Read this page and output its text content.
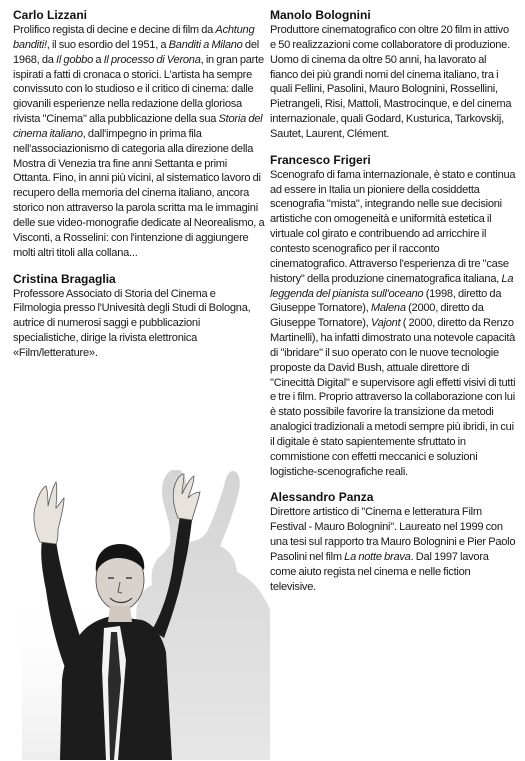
Carlo Lizzani

Prolifico regista di decine e decine di film da Achtung banditi!, il suo esordio del 1951, a Banditi a Milano del 1968, da Il gobbo a Il processo di Verona, in gran parte ispirati a fatti di cronaca o storici. L'artista ha sempre convissuto con lo studioso e il critico di cinema: dalle giovanili esperienze nella redazione della gloriosa rivista "Cinema" alla pubblicazione della sua Storia del cinema italiano, dall'impegno in prima fila nell'associazionismo di categoria alla direzione della Mostra di Venezia tra fine anni Settanta e primi Ottanta. Fino, in anni più vicini, al sistematico lavoro di recupero della memoria del cinema italiano, ancora storico non attraverso la parola scritta ma le immagini delle sue video-monografie dedicate al Neorealismo, a Visconti, a Rosselini: con l'intenzione di aggiungere molti altri titoli alla collana...

Cristina Bragaglia

Professore Associato di Storia del Cinema e Filmologia presso l'Univesità degli Studi di Bologna, autrice di numerosi saggi e pubblicazioni specialistiche, dirige la rivista elettronica «Film/letterature».

Manolo Bolognini

Produttore cinematografico con oltre 20 film in attivo e 50 realizzazioni come collaboratore di produzione. Uomo di cinema da oltre 50 anni, ha lavorato al fianco dei più grandi nomi del cinema italiano, tra i quali Fellini, Pasolini, Mauro Bolognini, Rossellini, Pietrangeli, Risi, Mattoli, Mastrocinque, e del cinema internazionale, quali Godard, Kusturica, Tarkovskij, Sautet, Laurent, Clément.

Francesco Frigeri

Scenografo di fama internazionale, è stato e continua ad essere in Italia un pioniere della cosiddetta scenografia "mista", integrando nelle sue decisioni artistiche con omogeneità e uniformità estetica il virtuale col girato e contribuendo ad arricchire il contesto scenografico per il racconto cinematografico. Attraverso l'esperienza di tre "case history" della produzione cinematografica italiana, La leggenda del pianista sull'oceano (1998, diretto da Giuseppe Tornatore), Malena (2000, diretto da Giuseppe Tornatore), Vajont ( 2000, diretto da Renzo Martinelli), ha infatti dimostrato una notevole capacità di "ibridare" il suo operato con le nuove tecnologie proposte da David Bush, attuale direttore di "Cinecittà Digital" e supervisore agli effetti visivi di tutti e tre i film. Proprio attraverso la collaborazione con lui è stato possibile favorire la transizione da metodi analogici tradizionali a metodi sempre più ibridi, in cui il digitale è stato sapientemente sfruttato in commistione con effetti meccanici e soluzioni logistiche-scenografiche reali.

Alessandro Panza

Direttore artistico di "Cinema e letteratura Film Festival - Mauro Bolognini". Laureato nel 1999 con una tesi sul rapporto tra Mauro Bolognini e Pier Paolo Pasolini nel film La notte brava. Dal 1997 lavora come aiuto regista nel cinema e nelle fiction televisive.
